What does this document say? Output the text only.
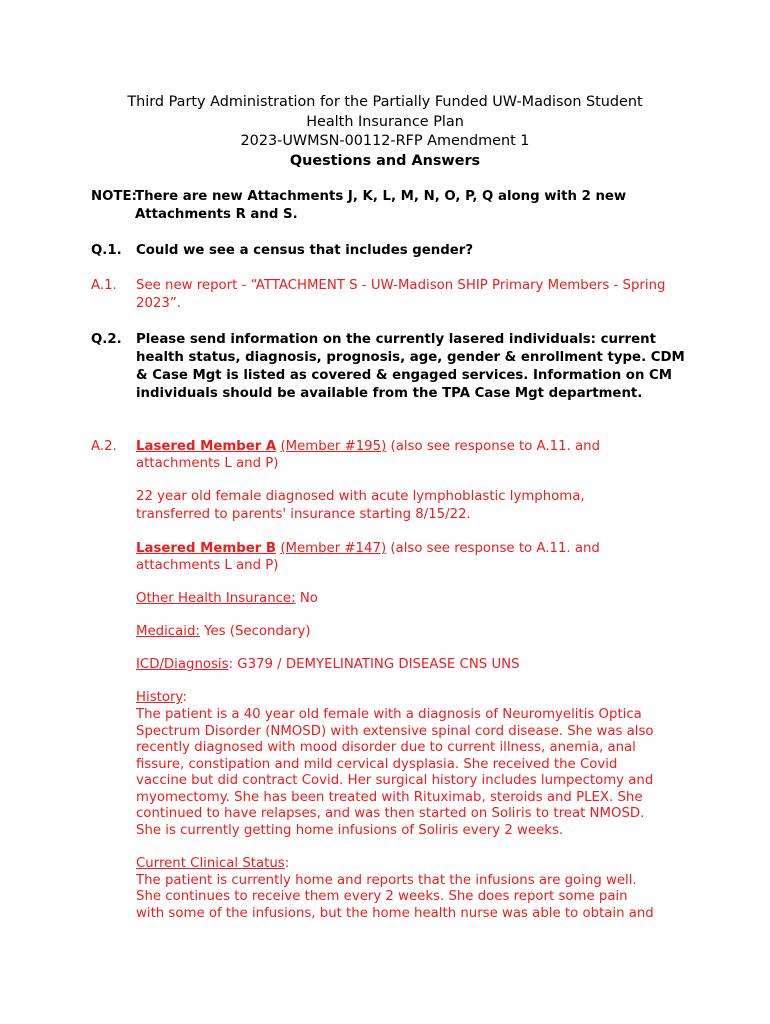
Third Party Administration for the Partially Funded UW-Madison Student
Health Insurance Plan
2023-UWMSN-00112-RFP Amendment 1
Questions and Answers
NOTE:
There are new Attachments J, K, L, M, N, O, P, Q along with 2 new Attachments R and S.
Q.1.	Could we see a census that includes gender?
A.1.	See new report - “ATTACHMENT S - UW-Madison SHIP Primary Members - Spring 2023”.
Q.2.	Please send information on the currently lasered individuals: current health status, diagnosis, prognosis, age, gender & enrollment type. CDM & Case Mgt is listed as covered & engaged services. Information on CM individuals should be available from the TPA Case Mgt department.
A.2.	Lasered Member A (Member #195) (also see response to A.11. and
attachments L and P)
22 year old female diagnosed with acute lymphoblastic lymphoma,
transferred to parents' insurance starting 8/15/22.
Lasered Member B (Member #147) (also see response to A.11. and
attachments L and P)
Other Health Insurance: No
Medicaid: Yes (Secondary)
ICD/Diagnosis: G379 / DEMYELINATING DISEASE CNS UNS
History:
The patient is a 40 year old female with a diagnosis of Neuromyelitis Optica
Spectrum Disorder (NMOSD) with extensive spinal cord disease. She was also
recently diagnosed with mood disorder due to current illness, anemia, anal
fissure, constipation and mild cervical dysplasia. She received the Covid
vaccine but did contract Covid. Her surgical history includes lumpectomy and
myomectomy. She has been treated with Rituximab, steroids and PLEX. She
continued to have relapses, and was then started on Soliris to treat NMOSD.
She is currently getting home infusions of Soliris every 2 weeks.
Current Clinical Status:
The patient is currently home and reports that the infusions are going well.
She continues to receive them every 2 weeks. She does report some pain
with some of the infusions, but the home health nurse was able to obtain and
